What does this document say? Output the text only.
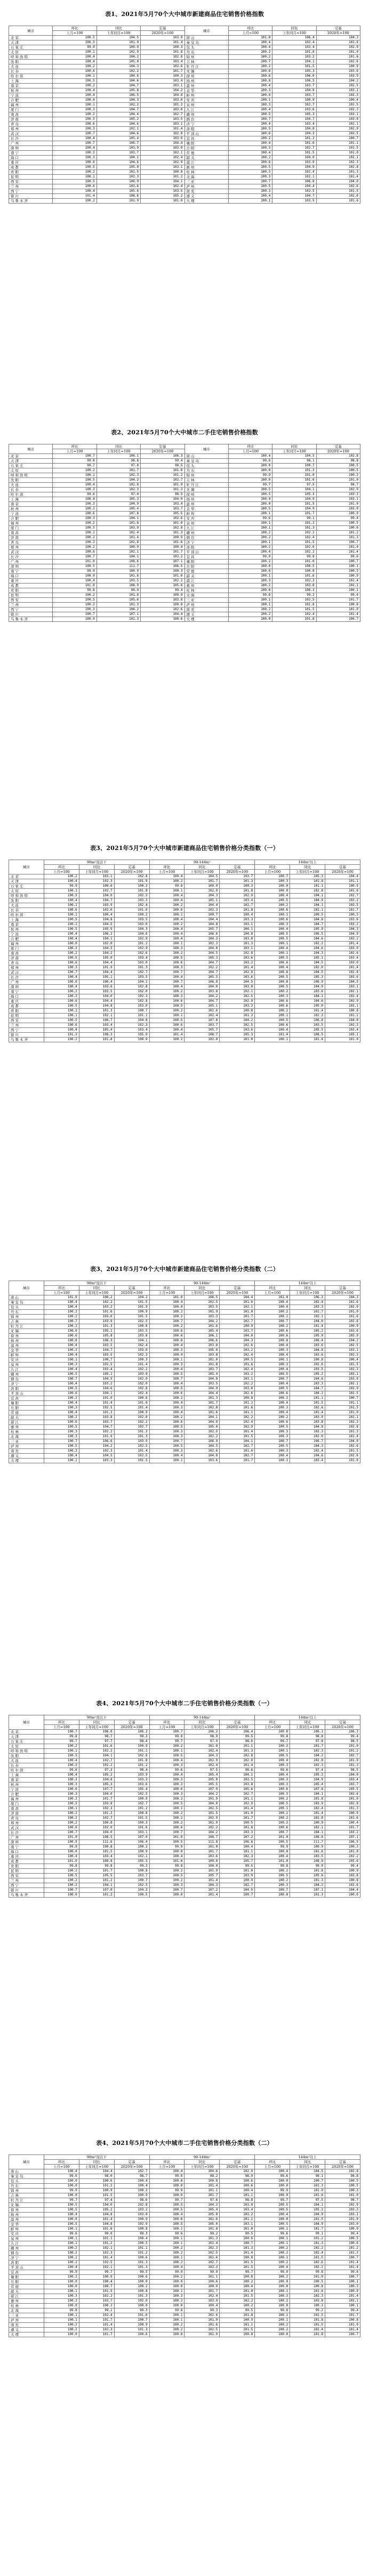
表1、2021年5月70个大中城市新建商品住宅销售价格指数
城市	环比	同比	定基	城市	环比	同比	定基
	上月=100	上年同月=100	2020年=100		上月=100	上年同月=100	2020年=100
北京	100.5	104.5	103.9	唐山	101.0	106.4	104.3
天津	100.3	101.9	101.4	秦皇岛	100.4	102.4	101.6
石家庄	99.9	100.9	100.3	包头	100.4	103.4	102.0
太原	100.1	102.9	101.8	丹东	100.2	101.8	101.0
呼和浩特	100.4	104.2	102.8	锦州	100.2	103.2	101.6
沈阳	100.4	105.0	103.4	吉林	100.7	104.1	102.6
大连	100.2	104.3	102.6	牡丹江	100.2	101.5	100.9
长春	100.6	102.2	101.7	无锡	100.6	105.3	103.6
哈尔滨	100.1	100.6	100.3	徐州	100.6	106.0	103.9
上海	100.5	104.6	103.4	扬州	100.8	106.5	104.2
南京	100.2	104.7	103.1	温州	100.4	103.7	102.5
杭州	100.4	105.8	104.2	金华	100.3	104.9	103.1
宁波	100.4	106.5	104.8	蚌埠	100.4	103.7	102.3
合肥	100.4	104.3	103.0	安庆	100.1	100.9	100.4
福州	100.1	102.2	101.3	泉州	100.3	102.7	101.5
厦门	100.3	104.7	103.0	九江	100.4	103.6	102.3
南昌	100.2	104.4	102.7	赣州	100.5	105.3	103.1
济南	100.5	105.2	103.5	烟台	100.7	104.7	103.0
青岛	100.6	104.6	103.1	济宁	100.4	103.4	102.1
郑州	100.3	102.1	101.4	洛阳	100.5	104.8	102.9
武汉	100.7	104.6	102.8	平顶山	100.6	104.3	102.5
长沙	100.4	105.4	103.6	宜昌	100.2	101.2	100.7
广州	100.7	106.7	104.4	襄阳	100.4	101.6	101.1
深圳	100.4	103.9	103.0	岳阳	100.3	102.7	101.5
南宁	100.2	103.7	102.1	常德	100.4	101.5	101.0
海口	100.3	104.1	102.4	韶关	100.2	104.0	102.1
重庆	100.6	104.6	102.9	湛江	100.6	103.9	102.3
成都	100.5	105.0	103.1	惠州	100.5	104.9	102.8
贵阳	100.2	101.5	100.8	桂林	100.3	102.4	101.3
昆明	100.1	102.3	101.2	北海	100.3	102.1	101.4
西安	100.5	106.9	104.1	三亚	100.7	106.8	104.0
兰州	100.6	103.6	102.4	泸州	100.5	104.4	102.6
西宁	100.4	105.6	103.5	南充	100.3	102.5	101.5
银川	101.4	108.6	105.2	遵义	100.4	104.7	102.6
乌鲁木齐	100.2	101.9	101.0	大理	100.1	103.5	101.6
表2、2021年5月70个大中城市二手住宅销售价格指数
城市	环比	同比	定基	城市	环比	同比	定基
	上月=100	上年同月=100	2020年=100		上月=100	上年同月=100	2020年=100
北京	100.7	106.1	106.3	唐山	100.4	104.5	102.8
天津	99.8	98.8	99.4	秦皇岛	99.6	98.1	98.8
石家庄	99.7	97.8	98.5	包头	100.0	100.7	100.5
太原	100.2	101.7	101.0	丹东	100.0	101.3	100.5
呼和浩特	100.1	102.3	101.2	锦州	99.9	101.0	100.3
沈阳	100.5	104.2	102.7	吉林	100.0	101.6	101.0
大连	100.4	102.8	101.9	牡丹江	99.7	97.5	98.7
长春	100.3	102.3	101.3	无锡	100.5	104.1	102.9
哈尔滨	99.6	97.4	98.5	徐州	100.5	105.3	103.3
上海	100.4	105.3	104.0	扬州	100.4	104.9	103.1
南京	100.3	104.9	103.4	温州	100.0	101.5	101.0
杭州	100.3	105.4	103.7	金华	100.5	104.9	103.0
宁波	100.6	107.8	105.5	蚌埠	100.1	101.7	100.9
合肥	100.3	104.1	102.6	安庆	99.6	99.1	99.4
福州	100.2	101.8	101.0	泉州	100.1	101.2	100.5
厦门	100.5	103.9	102.8	九江	100.1	101.3	100.6
南昌	100.1	102.4	101.3	赣州	100.2	102.2	101.2
济南	100.2	101.4	100.9	烟台	100.2	102.4	101.3
青岛	100.2	102.8	101.6	济宁	100.1	101.5	100.7
郑州	100.2	100.9	100.4	洛阳	100.2	102.6	101.4
武汉	100.6	102.1	101.7	平顶山	100.4	102.2	101.4
长沙	100.7	104.1	103.2	宜昌	99.9	99.8	99.6
广州	101.0	108.6	107.1	襄阳	100.2	101.0	100.7
深圳	100.5	111.7	106.5	岳阳	100.0	100.5	100.1
南宁	99.9	100.9	100.3	常德	100.0	100.8	100.3
海口	100.0	101.6	101.0	韶关	100.1	101.6	100.9
重庆	100.4	103.5	102.2	湛江	100.3	102.3	101.4
成都	101.0	108.9	105.6	惠州	100.2	103.8	102.1
贵阳	99.8	99.9	99.4	桂林	100.0	100.3	100.1
昆明	100.2	101.8	100.9	北海	99.8	99.2	99.4
西安	100.5	105.6	103.8	三亚	100.1	102.5	101.7
兰州	100.2	101.3	100.8	泸州	100.1	101.8	100.8
西宁	100.3	104.2	102.6	南充	100.2	101.5	101.0
银川	100.7	107.1	104.4	遵义	100.2	102.4	101.4
乌鲁木齐	100.0	101.3	100.6	大理	100.0	101.8	100.7
表3、2021年5月70个大中城市新建商品住宅销售价格分类指数（一）
城市	90m²及以下			90-144m²			144m²以上		
	环比	同比	定基	环比	同比	定基	环比	同比	定基
	上月=100	上年同月=100	2020年=100	上月=100	上年同月=100	2020年=100	上月=100	上年同月=100	2020年=100
北京	100.2	103.1	102.8	100.4	104.5	103.7	100.7	105.3	104.4
天津	100.4	102.3	101.9	100.2	101.7	101.3	100.3	101.8	101.1
石家庄	99.9	100.6	100.2	99.8	100.9	100.3	100.0	101.1	100.5
太原	100.1	102.7	101.8	100.1	102.9	101.8	100.0	102.8	101.6
呼和浩特	100.5	104.0	102.5	100.4	104.3	102.9	100.4	104.1	102.7
沈阳	100.4	104.7	103.3	100.4	105.1	103.4	100.5	104.9	103.2
大连	100.1	103.9	102.4	100.2	104.4	102.7	100.2	104.1	102.5
长春	100.6	102.0	101.6	100.6	102.3	101.8	100.6	102.1	101.7
哈尔滨	100.1	100.4	100.2	100.1	100.7	100.4	100.1	100.5	100.3
上海	100.5	104.8	103.5	100.4	104.4	103.3	100.6	104.8	103.6
南京	100.2	104.5	103.0	100.2	104.8	103.1	100.3	104.7	103.2
杭州	100.5	105.9	104.3	100.4	105.7	104.1	100.4	105.9	104.3
宁波	100.4	106.2	104.6	100.4	106.6	104.8	100.5	106.5	104.9
合肥	100.4	104.1	102.9	100.4	104.3	103.0	100.5	104.6	103.2
福州	100.0	102.0	101.2	100.1	102.3	101.3	100.1	102.2	101.4
厦门	100.3	104.5	102.9	100.3	104.8	103.1	100.4	104.6	103.0
南昌	100.2	104.2	102.6	100.2	104.5	102.8	100.1	104.3	102.6
济南	100.5	105.0	103.4	100.5	105.3	103.6	100.5	105.1	103.4
青岛	100.6	104.4	103.0	100.6	104.7	103.2	100.6	104.5	103.0
郑州	100.3	101.9	101.3	100.3	102.2	101.4	100.4	102.0	101.4
武汉	100.7	104.4	102.7	100.7	104.7	102.9	100.8	104.5	102.8
长沙	100.4	105.1	103.5	100.4	105.5	103.6	100.5	105.3	103.6
广州	100.6	106.4	104.2	100.7	106.8	104.5	100.8	106.9	104.5
深圳	100.4	103.6	102.8	100.4	104.0	103.0	100.5	104.0	103.1
南宁	100.2	103.5	102.0	100.2	103.8	102.1	100.2	103.6	102.1
海口	100.3	104.0	102.3	100.3	104.2	102.5	100.3	104.1	102.4
重庆	100.6	104.4	102.8	100.6	104.7	102.9	100.6	104.6	102.9
成都	100.5	104.8	103.0	100.5	105.1	103.2	100.6	105.0	103.1
贵阳	100.2	101.3	100.7	100.2	101.6	100.8	100.2	101.4	100.8
昆明	100.1	102.1	101.1	100.1	102.4	101.2	100.1	102.3	101.2
西安	100.5	106.7	104.0	100.5	107.0	104.2	100.5	106.8	104.0
兰州	100.6	103.4	102.3	100.6	103.7	102.5	100.6	103.5	102.3
西宁	100.4	105.4	103.4	100.4	105.7	103.6	100.4	105.5	103.4
银川	101.3	108.3	105.0	101.4	108.7	105.3	101.4	108.5	105.1
乌鲁木齐	100.2	101.8	100.9	100.2	102.0	101.0	100.2	101.8	101.0
表3、2021年5月70个大中城市新建商品住宅销售价格分类指数（二）
城市	90m²及以下			90-144m²			144m²以上		
	环比	同比	定基	环比	同比	定基	环比	同比	定基
	上月=100	上年同月=100	2020年=100	上月=100	上年同月=100	2020年=100	上月=100	上年同月=100	2020年=100
唐山	101.0	106.2	104.2	101.0	106.5	104.4	101.0	106.3	104.3
秦皇岛	100.4	102.2	101.5	100.4	102.5	101.6	100.4	102.4	101.6
包头	100.4	103.2	101.9	100.4	103.5	102.1	100.4	103.3	102.0
丹东	100.2	101.6	100.9	100.2	101.9	101.0	100.2	101.7	101.0
锦州	100.2	103.0	101.5	100.2	103.3	101.7	100.2	103.1	101.6
吉林	100.7	103.9	102.5	100.7	104.2	102.7	100.7	104.0	102.6
牡丹江	100.2	101.3	100.8	100.2	101.6	100.9	100.2	101.4	100.9
无锡	100.6	105.1	103.5	100.6	105.4	103.7	100.6	105.2	103.6
徐州	100.6	105.8	103.8	100.6	106.1	104.0	100.6	105.9	103.9
扬州	100.8	106.3	104.1	100.8	106.6	104.3	100.8	106.4	104.2
温州	100.4	103.5	102.4	100.4	103.8	102.6	100.4	103.6	102.5
金华	100.3	104.7	103.0	100.3	105.0	103.2	100.3	104.8	103.1
蚌埠	100.4	103.5	102.2	100.4	103.8	102.4	100.4	103.6	102.3
安庆	100.1	100.7	100.3	100.1	101.0	100.5	100.1	100.8	100.4
泉州	100.3	102.5	101.4	100.3	102.8	101.6	100.3	102.6	101.5
九江	100.4	103.4	102.2	100.4	103.7	102.4	100.4	103.5	102.3
赣州	100.5	105.1	103.0	100.5	105.4	103.2	100.5	105.2	103.1
烟台	100.7	104.5	102.9	100.7	104.8	103.1	100.7	104.6	103.0
济宁	100.4	103.2	102.0	100.4	103.5	102.2	100.4	103.3	102.1
洛阳	100.5	104.6	102.8	100.5	104.9	103.0	100.5	104.7	102.9
平顶山	100.6	104.1	102.4	100.6	104.4	102.6	100.6	104.2	102.5
宜昌	100.2	101.0	100.6	100.2	101.3	100.8	100.2	101.1	100.7
襄阳	100.4	101.4	101.0	100.4	101.7	101.2	100.4	101.5	101.1
岳阳	100.3	102.5	101.4	100.3	102.8	101.6	100.3	102.6	101.5
常德	100.4	101.3	100.9	100.4	101.6	101.1	100.4	101.4	101.0
韶关	100.2	103.8	102.0	100.2	104.1	102.2	100.2	103.9	102.1
湛江	100.6	103.7	102.2	100.6	104.0	102.4	100.6	103.8	102.3
惠州	100.5	104.7	102.7	100.5	105.0	102.9	100.5	104.8	102.8
桂林	100.3	102.2	101.2	100.3	102.5	101.4	100.3	102.3	101.3
北海	100.3	101.9	101.3	100.3	102.2	101.5	100.3	102.0	101.4
三亚	100.7	106.6	103.9	100.7	106.9	104.1	100.7	106.7	104.0
泸州	100.5	104.2	102.5	100.5	104.5	102.7	100.5	104.3	102.6
南充	100.3	102.3	101.4	100.3	102.6	101.6	100.3	102.4	101.5
遵义	100.4	104.5	102.5	100.4	104.8	102.7	100.4	104.6	102.6
大理	100.1	103.3	101.5	100.1	103.6	101.7	100.1	103.4	101.6
表4、2021年5月70个大中城市二手住宅销售价格分类指数（一）
城市	90m²及以下			90-144m²			144m²以上		
	环比	同比	定基	环比	同比	定基	环比	同比	定基
	上月=100	上年同月=100	2020年=100	上月=100	上年同月=100	2020年=100	上月=100	上年同月=100	2020年=100
北京	100.7	106.0	106.2	100.7	106.2	106.4	100.8	106.1	106.3
天津	99.8	98.7	99.3	99.8	98.9	99.5	99.8	98.8	99.4
石家庄	99.7	97.7	98.4	99.7	97.9	98.6	99.7	97.8	98.5
太原	100.2	101.6	100.9	100.2	101.8	101.1	100.2	101.7	101.0
呼和浩特	100.1	102.2	101.1	100.1	102.4	101.3	100.1	102.3	101.2
沈阳	100.5	104.1	102.6	100.5	104.3	102.8	100.5	104.2	102.7
大连	100.4	102.7	101.8	100.4	102.9	102.0	100.4	102.8	101.9
长春	100.3	102.2	101.2	100.3	102.4	101.4	100.3	102.3	101.3
哈尔滨	99.6	97.3	98.4	99.6	97.5	98.6	99.6	97.4	98.5
上海	100.4	105.2	103.9	100.4	105.4	104.1	100.4	105.3	104.0
南京	100.3	104.8	103.3	100.3	105.0	103.5	100.3	104.9	103.4
杭州	100.3	105.3	103.6	100.3	105.5	103.8	100.3	105.4	103.7
宁波	100.6	107.7	105.4	100.6	107.9	105.6	100.6	107.8	105.5
合肥	100.3	104.0	102.5	100.3	104.2	102.7	100.3	104.1	102.6
福州	100.2	101.7	100.9	100.2	101.9	101.1	100.2	101.8	101.0
厦门	100.5	103.8	102.7	100.5	104.0	102.9	100.5	103.9	102.8
南昌	100.1	102.3	101.2	100.1	102.5	101.4	100.1	102.4	101.3
济南	100.2	101.3	100.8	100.2	101.5	101.0	100.2	101.4	100.9
青岛	100.2	102.7	101.5	100.2	102.9	101.7	100.2	102.8	101.6
郑州	100.2	100.8	100.3	100.2	101.0	100.5	100.2	100.9	100.4
武汉	100.6	102.0	101.6	100.6	102.2	101.8	100.6	102.1	101.7
长沙	100.7	104.0	103.1	100.7	104.2	103.3	100.7	104.1	103.2
广州	101.0	108.5	107.0	101.0	108.7	107.2	101.0	108.6	107.1
深圳	100.5	111.6	106.4	100.5	111.8	106.6	100.5	111.7	106.5
南宁	99.9	100.8	100.2	99.9	101.0	100.4	99.9	100.9	100.3
海口	100.0	101.5	100.9	100.0	101.7	101.1	100.0	101.6	101.0
重庆	100.4	103.4	102.1	100.4	103.6	102.3	100.4	103.5	102.2
成都	101.0	108.8	105.5	101.0	109.0	105.7	101.0	108.9	105.6
贵阳	99.8	99.8	99.3	99.8	100.0	99.5	99.8	99.9	99.4
昆明	100.2	101.7	100.8	100.2	101.9	101.0	100.2	101.8	100.9
西安	100.5	105.5	103.7	100.5	105.7	103.9	100.5	105.6	103.8
兰州	100.2	101.2	100.7	100.2	101.4	100.9	100.2	101.3	100.8
西宁	100.3	104.1	102.5	100.3	104.3	102.7	100.3	104.2	102.6
银川	100.7	107.0	104.3	100.7	107.2	104.5	100.7	107.1	104.4
乌鲁木齐	100.0	101.2	100.5	100.0	101.4	100.7	100.0	101.3	100.6
表4、2021年5月70个大中城市二手住宅销售价格分类指数（二）
城市	90m²及以下			90-144m²			144m²以上		
	环比	同比	定基	环比	同比	定基	环比	同比	定基
	上月=100	上年同月=100	2020年=100	上月=100	上年同月=100	2020年=100	上月=100	上年同月=100	2020年=100
唐山	100.4	104.4	102.7	100.4	104.6	102.9	100.4	104.5	102.8
秦皇岛	99.6	98.0	98.7	99.6	98.2	98.9	99.6	98.1	98.8
包头	100.0	100.6	100.4	100.0	100.8	100.6	100.0	100.7	100.5
丹东	100.0	101.2	100.4	100.0	101.4	100.6	100.0	101.3	100.5
锦州	99.9	100.9	100.2	99.9	101.1	100.4	99.9	101.0	100.3
吉林	100.0	101.5	100.9	100.0	101.7	101.1	100.0	101.6	101.0
牡丹江	99.7	97.4	98.6	99.7	97.6	98.8	99.7	97.5	98.7
无锡	100.5	104.0	102.8	100.5	104.2	103.0	100.5	104.1	102.9
徐州	100.5	105.2	103.2	100.5	105.4	103.4	100.5	105.3	103.3
扬州	100.4	104.8	103.0	100.4	105.0	103.2	100.4	104.9	103.1
温州	100.0	101.4	100.9	100.0	101.6	101.1	100.0	101.5	101.0
金华	100.5	104.8	102.9	100.5	105.0	103.1	100.5	104.9	103.0
蚌埠	100.1	101.6	100.8	100.1	101.8	101.0	100.1	101.7	100.9
安庆	99.6	99.0	99.3	99.6	99.2	99.5	99.6	99.1	99.4
泉州	100.1	101.1	100.4	100.1	101.3	100.6	100.1	101.2	100.5
九江	100.1	101.2	100.5	100.1	101.4	100.7	100.1	101.3	100.6
赣州	100.2	102.1	101.1	100.2	102.3	101.3	100.2	102.2	101.2
烟台	100.2	102.3	101.2	100.2	102.5	101.4	100.2	102.4	101.3
济宁	100.1	101.4	100.6	100.1	101.6	100.8	100.1	101.5	100.7
洛阳	100.2	102.5	101.3	100.2	102.7	101.5	100.2	102.6	101.4
平顶山	100.4	102.1	101.3	100.4	102.3	101.5	100.4	102.2	101.4
宜昌	99.9	99.7	99.5	99.9	99.9	99.7	99.9	99.8	99.6
襄阳	100.2	100.9	100.6	100.2	101.1	100.8	100.2	101.0	100.7
岳阳	100.0	100.4	100.0	100.0	100.6	100.2	100.0	100.5	100.1
常德	100.0	100.7	100.2	100.0	100.9	100.4	100.0	100.8	100.3
韶关	100.1	101.5	100.8	100.1	101.7	101.0	100.1	101.6	100.9
湛江	100.3	102.2	101.3	100.3	102.4	101.5	100.3	102.3	101.4
惠州	100.2	103.7	102.0	100.2	103.9	102.2	100.2	103.8	102.1
桂林	100.0	100.2	100.0	100.0	100.4	100.2	100.0	100.3	100.1
北海	99.8	99.1	99.3	99.8	99.3	99.5	99.8	99.2	99.4
三亚	100.1	102.4	101.6	100.1	102.6	101.8	100.1	102.5	101.7
泸州	100.1	101.7	100.7	100.1	101.9	100.9	100.1	101.8	100.8
南充	100.2	101.4	100.9	100.2	101.6	101.1	100.2	101.5	101.0
遵义	100.2	102.3	101.3	100.2	102.5	101.5	100.2	102.4	101.4
大理	100.0	101.7	100.6	100.0	101.9	100.8	100.0	101.8	100.7
